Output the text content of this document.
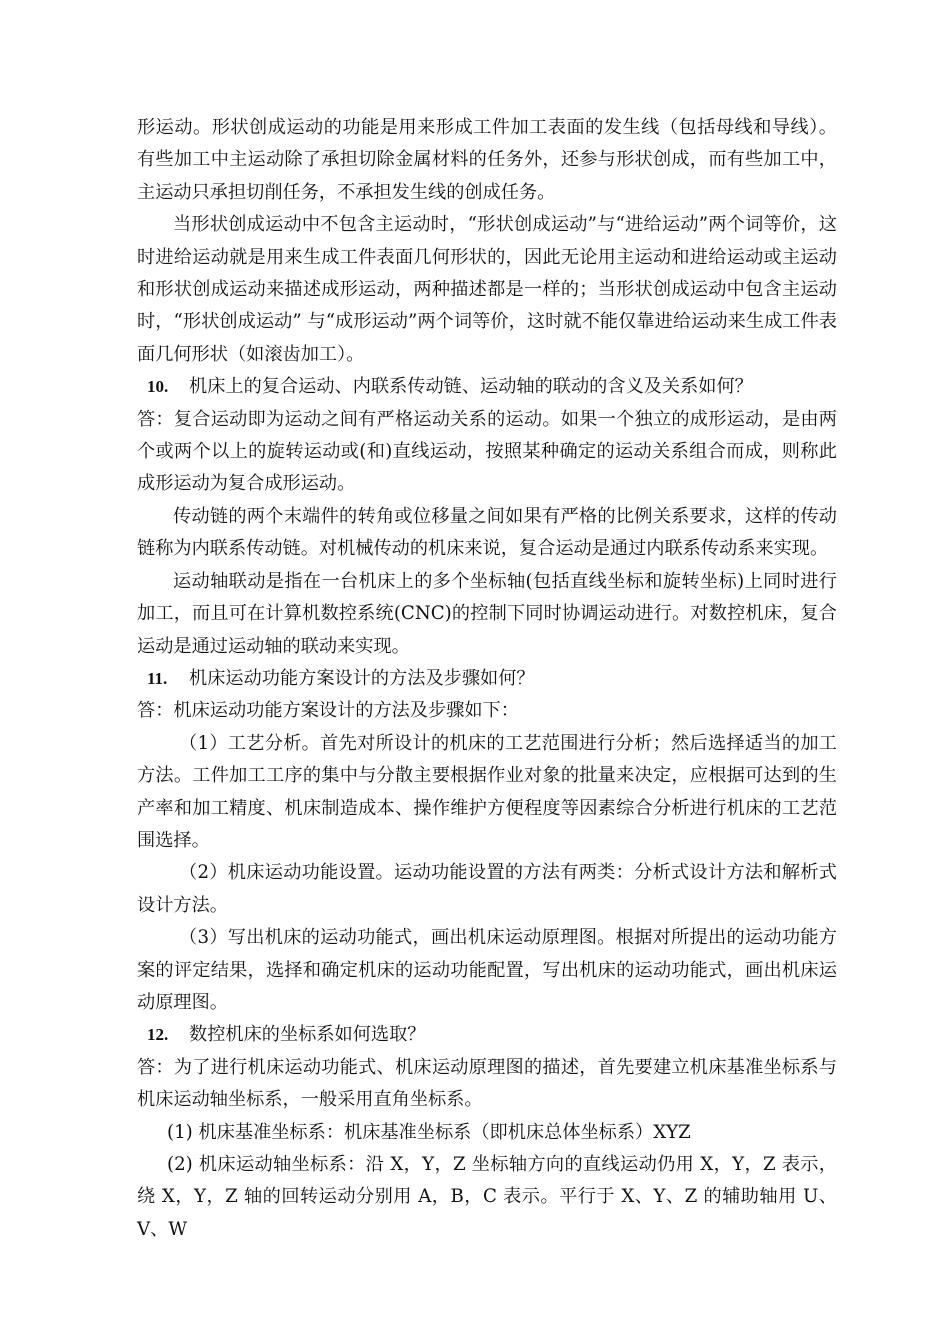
形运动。形状创成运动的功能是用来形成工件加工表面的发生线（包括母线和导线）。有些加工中主运动除了承担切除金属材料的任务外，还参与形状创成，而有些加工中，主运动只承担切削任务，不承担发生线的创成任务。

当形状创成运动中不包含主运动时，“形状创成运动”与“进给运动”两个词等价，这时进给运动就是用来生成工件表面几何形状的，因此无论用主运动和进给运动或主运动和形状创成运动来描述成形运动，两种描述都是一样的；当形状创成运动中包含主运动时，“形状创成运动” 与“成形运动”两个词等价，这时就不能仅靠进给运动来生成工件表面几何形状（如滚齿加工）。

10. 机床上的复合运动、内联系传动链、运动轴的联动的含义及关系如何？

答：复合运动即为运动之间有严格运动关系的运动。如果一个独立的成形运动，是由两个或两个以上的旋转运动或(和)直线运动，按照某种确定的运动关系组合而成，则称此成形运动为复合成形运动。

传动链的两个末端件的转角或位移量之间如果有严格的比例关系要求，这样的传动链称为内联系传动链。对机械传动的机床来说，复合运动是通过内联系传动系来实现。

运动轴联动是指在一台机床上的多个坐标轴(包括直线坐标和旋转坐标)上同时进行加工，而且可在计算机数控系统(CNC)的控制下同时协调运动进行。对数控机床，复合运动是通过运动轴的联动来实现。

11. 机床运动功能方案设计的方法及步骤如何？

答：机床运动功能方案设计的方法及步骤如下：

（1）工艺分析。首先对所设计的机床的工艺范围进行分析；然后选择适当的加工方法。工件加工工序的集中与分散主要根据作业对象的批量来决定，应根据可达到的生产率和加工精度、机床制造成本、操作维护方便程度等因素综合分析进行机床的工艺范围选择。

（2）机床运动功能设置。运动功能设置的方法有两类：分析式设计方法和解析式设计方法。

（3）写出机床的运动功能式，画出机床运动原理图。根据对所提出的运动功能方案的评定结果，选择和确定机床的运动功能配置，写出机床的运动功能式，画出机床运动原理图。

12. 数控机床的坐标系如何选取？

答：为了进行机床运动功能式、机床运动原理图的描述，首先要建立机床基准坐标系与机床运动轴坐标系，一般采用直角坐标系。

(1) 机床基准坐标系：机床基准坐标系（即机床总体坐标系）XYZ

(2) 机床运动轴坐标系：沿 X，Y，Z 坐标轴方向的直线运动仍用 X，Y，Z 表示，绕 X，Y，Z 轴的回转运动分别用 A，B，C 表示。平行于 X、Y、Z 的辅助轴用 U、V、W
